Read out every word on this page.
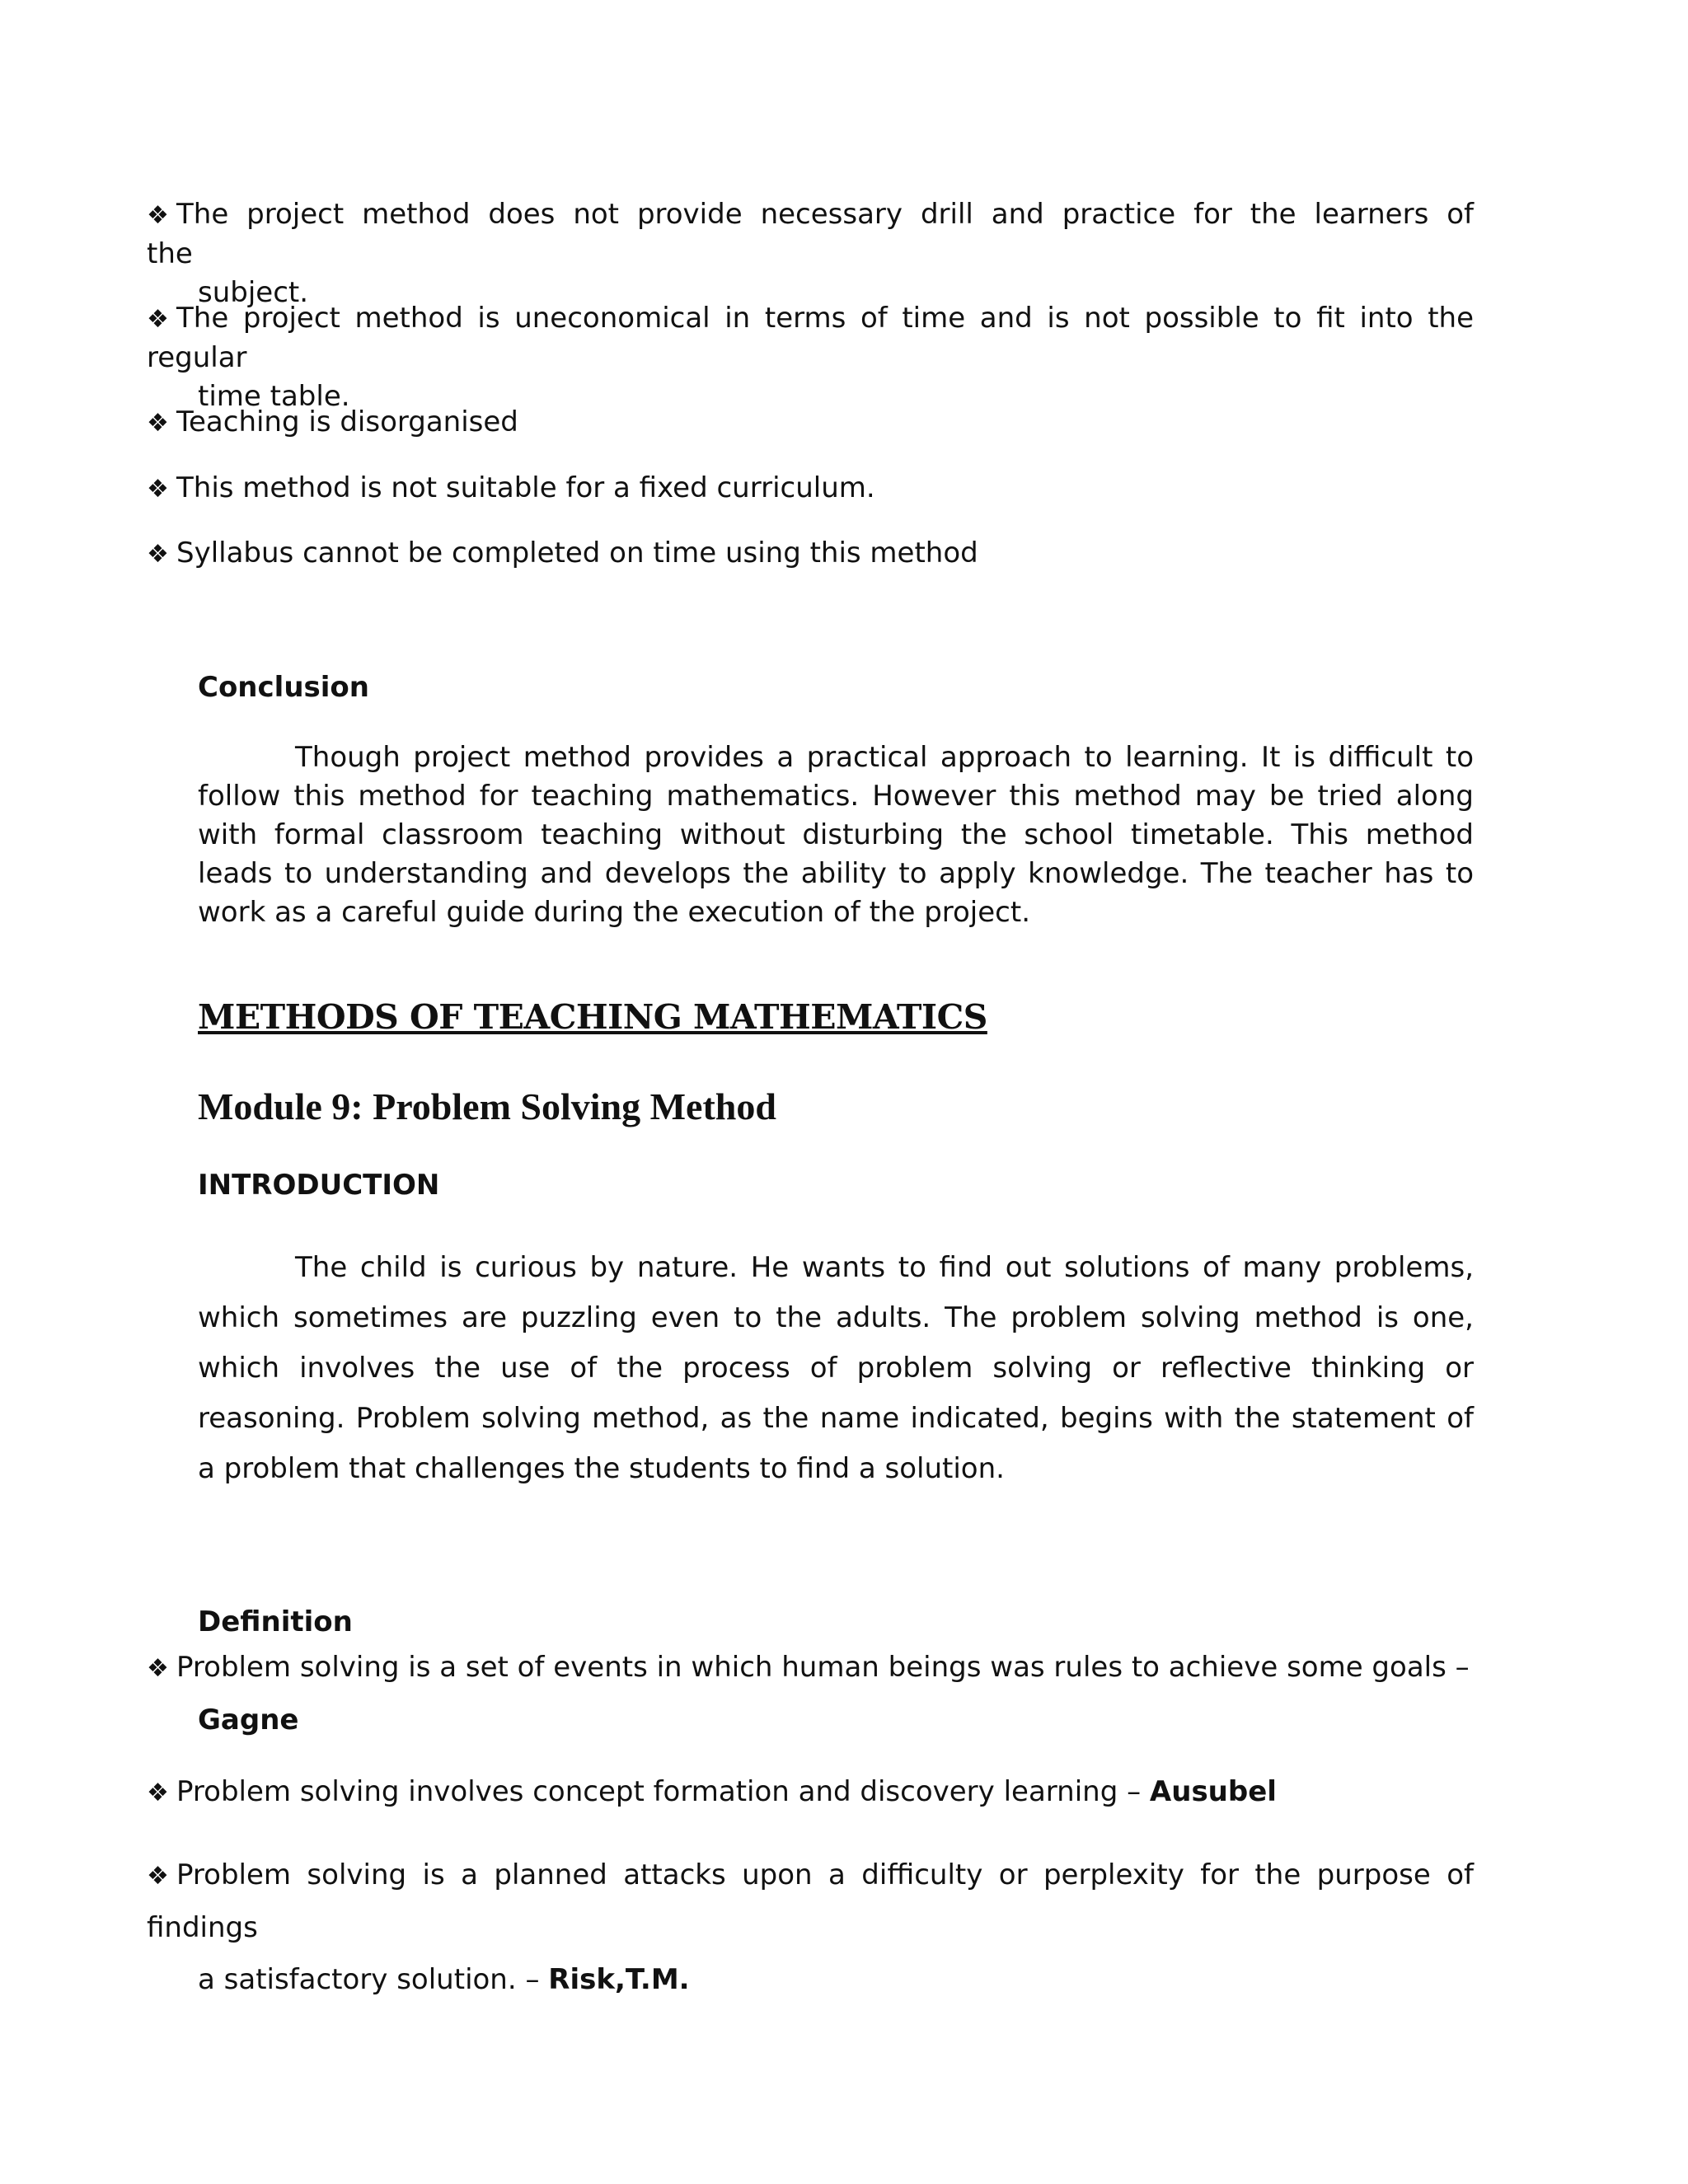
❖ The project method does not provide necessary drill and practice for the learners of the
subject.
❖ The project method is uneconomical in terms of time and is not possible to fit into the regular
time table.
❖ Teaching is disorganised
❖ This method is not suitable for a fixed curriculum.
❖ Syllabus cannot be completed on time using this method
Conclusion
Though project method provides a practical approach to learning. It is difficult to follow this method for teaching mathematics. However this method may be tried along with formal classroom teaching without disturbing the school timetable. This method leads to understanding and develops the ability to apply knowledge. The teacher has to work as a careful guide during the execution of the project.
METHODS OF TEACHING MATHEMATICS
Module 9: Problem Solving Method
INTRODUCTION
The child is curious by nature. He wants to find out solutions of many problems, which sometimes are puzzling even to the adults. The problem solving method is one, which involves the use of the process of problem solving or reflective thinking or reasoning. Problem solving method, as the name indicated, begins with the statement of a problem that challenges the students to find a solution.
Definition
❖ Problem solving is a set of events in which human beings was rules to achieve some goals –
Gagne
❖ Problem solving involves concept formation and discovery learning – Ausubel
❖ Problem solving is a planned attacks upon a difficulty or perplexity for the purpose of findings
a satisfactory solution. – Risk,T.M.
